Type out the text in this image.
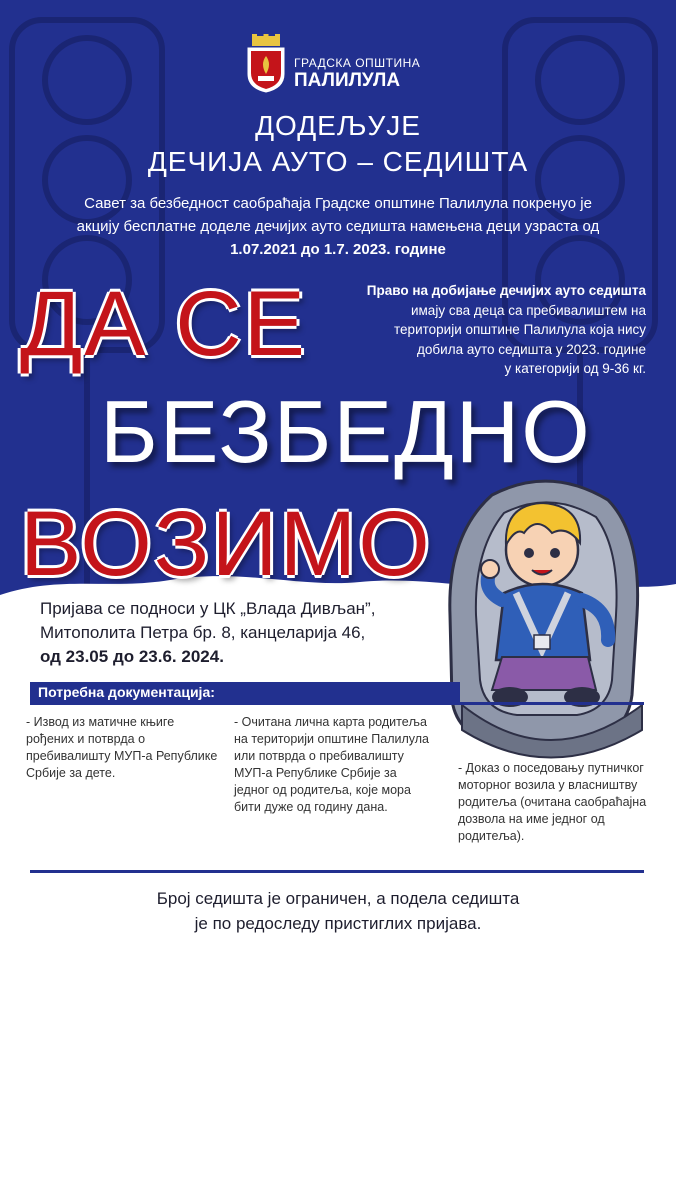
ГРАДСКА ОПШТИНА
ПАЛИЛУЛА
ДОДЕЉУЈЕ
ДЕЧИЈА АУТО – СЕДИШТА
Савет за безбедност саобраћаја Градске општине Палилула покренуо је
акцију бесплатне доделе дечијих ауто седишта намењена деци узраста од
1.07.2021 до 1.7. 2023. године
Право на добијање дечијих ауто седишта
имају сва деца са пребивалиштем на
територији општине Палилула која нису
добила ауто седишта у 2023. године
у категорији од 9-36 кг.
ДА СЕ
БЕЗБЕДНО
ВОЗИМО
Пријава се подноси у ЦК „Влада Дивљан”,
Митополита Петра бр. 8, канцеларија 46,
од 23.05 до 23.6. 2024.
Потребна документација:
- Извод из матичне књиге рођених и потврда о пребивалишту МУП-а Републике Србије за дете.
- Очитана лична карта родитеља на територији општине Палилула или потврда о пребивалишту МУП-а Републике Србије за једног од родитеља, које мора бити дуже од годину дана.
- Доказ о поседовању путничког моторног возила у власништву родитеља (очитана саобраћајна дозвола на име једног од родитеља).
Број седишта је ограничен, а подела седишта
је по редоследу пристиглих пријава.
